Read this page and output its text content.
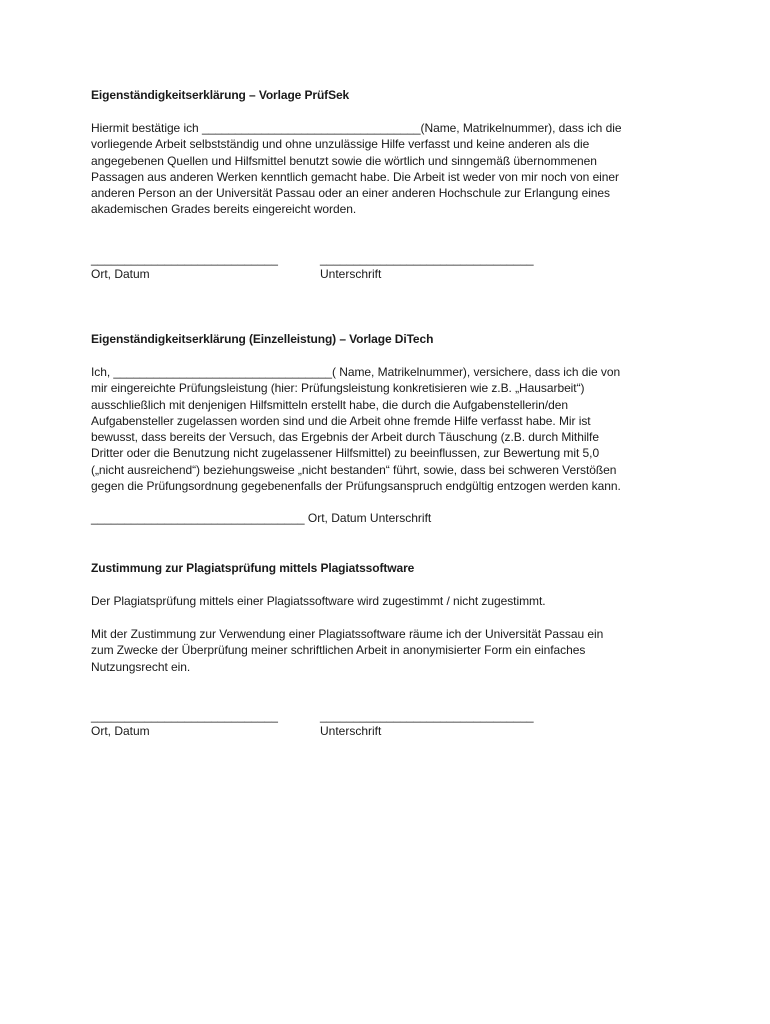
Eigenständigkeitserklärung – Vorlage PrüfSek
Hiermit bestätige ich _________________________________(Name, Matrikelnummer), dass ich die
vorliegende Arbeit selbstständig und ohne unzulässige Hilfe verfasst und keine anderen als die
angegebenen Quellen und Hilfsmittel benutzt sowie die wörtlich und sinngemäß übernommenen
Passagen aus anderen Werken kenntlich gemacht habe. Die Arbeit ist weder von mir noch von einer
anderen Person an der Universität Passau oder an einer anderen Hochschule zur Erlangung eines
akademischen Grades bereits eingereicht worden.
____________________________	________________________________
Ort, Datum	Unterschrift
Eigenständigkeitserklärung (Einzelleistung) – Vorlage DiTech
Ich, _________________________________( Name, Matrikelnummer), versichere, dass ich die von
mir eingereichte Prüfungsleistung (hier: Prüfungsleistung konkretisieren wie z.B. „Hausarbeit“)
ausschließlich mit denjenigen Hilfsmitteln erstellt habe, die durch die Aufgabenstellerin/den
Aufgabensteller zugelassen worden sind und die Arbeit ohne fremde Hilfe verfasst habe. Mir ist
bewusst, dass bereits der Versuch, das Ergebnis der Arbeit durch Täuschung (z.B. durch Mithilfe
Dritter oder die Benutzung nicht zugelassener Hilfsmittel) zu beeinflussen, zur Bewertung mit 5,0
(„nicht ausreichend“) beziehungsweise „nicht bestanden“ führt, sowie, dass bei schweren Verstößen
gegen die Prüfungsordnung gegebenenfalls der Prüfungsanspruch endgültig entzogen werden kann.
________________________________ Ort, Datum Unterschrift
Zustimmung zur Plagiatsprüfung mittels Plagiatssoftware
Der Plagiatsprüfung mittels einer Plagiatssoftware wird zugestimmt / nicht zugestimmt.
Mit der Zustimmung zur Verwendung einer Plagiatssoftware räume ich der Universität Passau ein
zum Zwecke der Überprüfung meiner schriftlichen Arbeit in anonymisierter Form ein einfaches
Nutzungsrecht ein.
____________________________	________________________________
Ort, Datum	Unterschrift
